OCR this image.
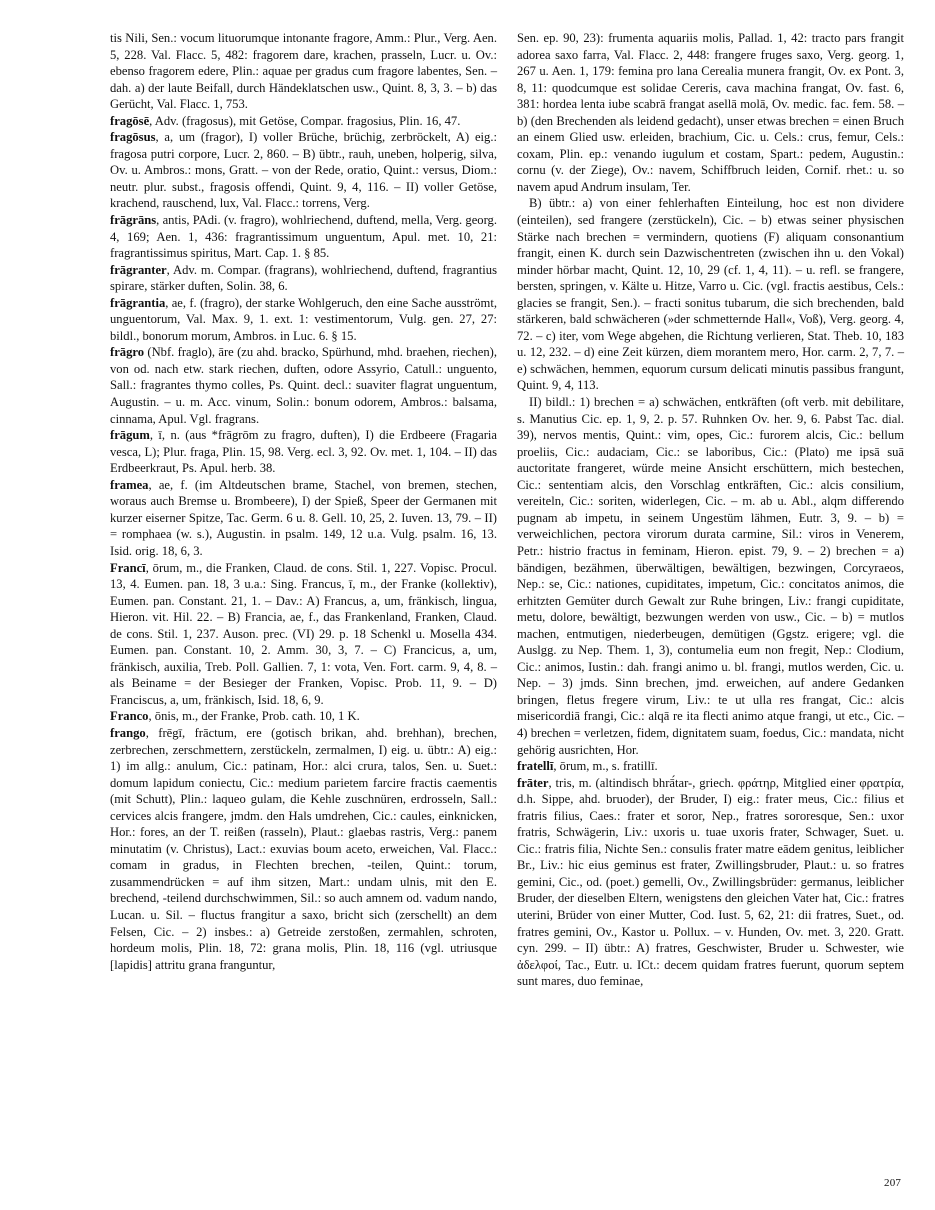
tis Nili, Sen.: vocum lituorumque intonante fragore, Amm.: Plur., Verg. Aen. 5, 228. Val. Flacc. 5, 482: fragorem dare, krachen, prasseln, Lucr. u. Ov.: ebenso fragorem edere, Plin.: aquae per gradus cum fragore labentes, Sen. – dah. a) der laute Beifall, durch Händeklatschen usw., Quint. 8, 3, 3. – b) das Gerücht, Val. Flacc. 1, 753.

fragōsē, Adv. (fragosus), mit Getöse, Compar. fragosius, Plin. 16, 47.

fragōsus, a, um (fragor), I) voller Brüche, brüchig, zerbröckelt, A) eig.: fragosa putri corpore, Lucr. 2, 860. – B) übtr., rauh, uneben, holperig, silva, Ov. u. Ambros.: mons, Gratt. – von der Rede, oratio, Quint.: versus, Diom.: neutr. plur. subst., fragosis offendi, Quint. 9, 4, 116. – II) voller Getöse, krachend, rauschend, lux, Val. Flacc.: torrens, Verg.

frāgrāns, antis, PAdi. (v. fragro), wohlriechend, duftend, mella, Verg. georg. 4, 169; Aen. 1, 436: fragrantissimum unguentum, Apul. met. 10, 21: fragrantissimus spiritus, Mart. Cap. 1. § 85.

frāgranter, Adv. m. Compar. (fragrans), wohlriechend, duftend, fragrantius spirare, stärker duften, Solin. 38, 6.

frāgrantia, ae, f. (fragro), der starke Wohlgeruch, den eine Sache ausströmt, unguentorum, Val. Max. 9, 1. ext. 1: vestimentorum, Vulg. gen. 27, 27: bildl., bonorum morum, Ambros. in Luc. 6. § 15.

frāgro (Nbf. fraglo), āre (zu ahd. bracko, Spürhund, mhd. braehen, riechen), von od. nach etw. stark riechen, duften, odore Assyrio, Catull.: unguento, Sall.: fragrantes thymo colles, Ps. Quint. decl.: suaviter flagrat unguentum, Augustin. – u. m. Acc. vinum, Solin.: bonum odorem, Ambros.: balsama, cinnama, Apul. Vgl. fragrans.

frāgum, ī, n. (aus *frāgrōm zu fragro, duften), I) die Erdbeere (Fragaria vesca, L); Plur. fraga, Plin. 15, 98. Verg. ecl. 3, 92. Ov. met. 1, 104. – II) das Erdbeerkraut, Ps. Apul. herb. 38.

framea, ae, f. (im Altdeutschen brame, Stachel, von bremen, stechen, woraus auch Bremse u. Brombeere), I) der Spieß, Speer der Germanen mit kurzer eiserner Spitze, Tac. Germ. 6 u. 8. Gell. 10, 25, 2. Iuven. 13, 79. – II) = romphaea (w. s.), Augustin. in psalm. 149, 12 u.a. Vulg. psalm. 16, 13. Isid. orig. 18, 6, 3.

Francī, ōrum, m., die Franken, Claud. de cons. Stil. 1, 227. Vopisc. Procul. 13, 4. Eumen. pan. 18, 3 u.a.: Sing. Francus, ī, m., der Franke (kollektiv), Eumen. pan. Constant. 21, 1. – Dav.: A) Francus, a, um, fränkisch, lingua, Hieron. vit. Hil. 22. – B) Francia, ae, f., das Frankenland, Franken, Claud. de cons. Stil. 1, 237. Auson. prec. (VI) 29. p. 18 Schenkl u. Mosella 434. Eumen. pan. Constant. 10, 2. Amm. 30, 3, 7. – C) Francicus, a, um, fränkisch, auxilia, Treb. Poll. Gallien. 7, 1: vota, Ven. Fort. carm. 9, 4, 8. – als Beiname = der Besieger der Franken, Vopisc. Prob. 11, 9. – D) Franciscus, a, um, fränkisch, Isid. 18, 6, 9.

Franco, ōnis, m., der Franke, Prob. cath. 10, 1 K.

frango, frēgī, frāctum, ere (gotisch brikan, ahd. brehhan), brechen, zerbrechen, zerschmettern, zerstückeln, zermalmen, I) eig. u. übtr.: A) eig.: 1) im allg.: anulum, Cic.: patinam, Hor.: alci crura, talos, Sen. u. Suet.: domum lapidum coniectu, Cic.: medium parietem farcire fractis caementis (mit Schutt), Plin.: laqueo gulam, die Kehle zuschnüren, erdrosseln, Sall.: cervices alcis frangere, jmdm. den Hals umdrehen, Cic.: caules, einknicken, Hor.: fores, an der T. reißen (rasseln), Plaut.: glaebas rastris, Verg.: panem minutatim (v. Christus), Lact.: exuvias boum aceto, erweichen, Val. Flacc.: comam in gradus, in Flechten brechen, -teilen, Quint.: torum, zusammendrücken = auf ihm sitzen, Mart.: undam ulnis, mit den E. brechend, -teilend durchschwimmen, Sil.: so auch amnem od. vadum nando, Lucan. u. Sil. – fluctus frangitur a saxo, bricht sich (zerschellt) an dem Felsen, Cic. – 2) insbes.: a) Getreide zerstoßen, zermahlen, schroten, hordeum molis, Plin. 18, 72: grana molis, Plin. 18, 116 (vgl. utriusque [lapidis] attritu grana franguntur,

Sen. ep. 90, 23): frumenta aquariis molis, Pallad. 1, 42: tracto pars frangit adorea saxo farra, Val. Flacc. 2, 448: frangere fruges saxo, Verg. georg. 1, 267 u. Aen. 1, 179: femina pro lana Cerealia munera frangit, Ov. ex Pont. 3, 8, 11: quodcumque est solidae Cereris, cava machina frangat, Ov. fast. 6, 381: hordea lenta iube scabrā frangat asellā molā, Ov. medic. fac. fem. 58. – b) (den Brechenden als leidend gedacht), unser etwas brechen = einen Bruch an einem Glied usw. erleiden, brachium, Cic. u. Cels.: crus, femur, Cels.: coxam, Plin. ep.: venando iugulum et costam, Spart.: pedem, Augustin.: cornu (v. der Ziege), Ov.: navem, Schiffbruch leiden, Cornif. rhet.: u. so navem apud Andrum insulam, Ter.

B) übtr.: a) von einer fehlerhaften Einteilung, hoc est non dividere (einteilen), sed frangere (zerstückeln), Cic. – b) etwas seiner physischen Stärke nach brechen = vermindern, quotiens (F) aliquam consonantium frangit, einen K. durch sein Dazwischentreten (zwischen ihn u. den Vokal) minder hörbar macht, Quint. 12, 10, 29 (cf. 1, 4, 11). – u. refl. se frangere, bersten, springen, v. Kälte u. Hitze, Varro u. Cic. (vgl. fractis aestibus, Cels.: glacies se frangit, Sen.). – fracti sonitus tubarum, die sich brechenden, bald stärkeren, bald schwächeren (»der schmetternde Hall«, Voß), Verg. georg. 4, 72. – c) iter, vom Wege abgehen, die Richtung verlieren, Stat. Theb. 10, 183 u. 12, 232. – d) eine Zeit kürzen, diem morantem mero, Hor. carm. 2, 7, 7. – e) schwächen, hemmen, equorum cursum delicati minutis passibus frangunt, Quint. 9, 4, 113.

II) bildl.: 1) brechen = a) schwächen, entkräften (oft verb. mit debilitare, s. Manutius Cic. ep. 1, 9, 2. p. 57. Ruhnken Ov. her. 9, 6. Pabst Tac. dial. 39), nervos mentis, Quint.: vim, opes, Cic.: furorem alcis, Cic.: bellum proeliis, Cic.: audaciam, Cic.: se laboribus, Cic.: (Plato) me ipsā suā auctoritate frangeret, würde meine Ansicht erschüttern, mich bestechen, Cic.: sententiam alcis, den Vorschlag entkräften, Cic.: alcis consilium, vereiteln, Cic.: soriten, widerlegen, Cic. – m. ab u. Abl., alqm differendo pugnam ab impetu, in seinem Ungestüm lähmen, Eutr. 3, 9. – b) = verweichlichen, pectora virorum durata carmine, Sil.: viros in Venerem, Petr.: histrio fractus in feminam, Hieron. epist. 79, 9. – 2) brechen = a) bändigen, bezähmen, überwältigen, bewältigen, bezwingen, Corcyraeos, Nep.: se, Cic.: nationes, cupiditates, impetum, Cic.: concitatos animos, die erhitzten Gemüter durch Gewalt zur Ruhe bringen, Liv.: frangi cupiditate, metu, dolore, bewältigt, bezwungen werden von usw., Cic. – b) = mutlos machen, entmutigen, niederbeugen, demütigen (Ggstz. erigere; vgl. die Auslgg. zu Nep. Them. 1, 3), contumelia eum non fregit, Nep.: Clodium, Cic.: animos, Iustin.: dah. frangi animo u. bl. frangi, mutlos werden, Cic. u. Nep. – 3) jmds. Sinn brechen, jmd. erweichen, auf andere Gedanken bringen, fletus fregere virum, Liv.: te ut ulla res frangat, Cic.: alcis misericordiā frangi, Cic.: alqā re ita flecti animo atque frangi, ut etc., Cic. – 4) brechen = verletzen, fidem, dignitatem suam, foedus, Cic.: mandata, nicht gehörig ausrichten, Hor.

fratellī, ōrum, m., s. fratillī.

frāter, tris, m. (altindisch bhrā́tar-, griech. φράτηρ, Mitglied einer φρατρία, d.h. Sippe, ahd. bruoder), der Bruder, I) eig.: frater meus, Cic.: filius et fratris filius, Caes.: frater et soror, Nep., fratres sororesque, Sen.: uxor fratris, Schwägerin, Liv.: uxoris u. tuae uxoris frater, Schwager, Suet. u. Cic.: fratris filia, Nichte Sen.: consulis frater matre eādem genitus, leiblicher Br., Liv.: hic eius geminus est frater, Zwillingsbruder, Plaut.: u. so fratres gemini, Cic., od. (poet.) gemelli, Ov., Zwillingsbrüder: germanus, leiblicher Bruder, der dieselben Eltern, wenigstens den gleichen Vater hat, Cic.: fratres uterini, Brüder von einer Mutter, Cod. Iust. 5, 62, 21: dii fratres, Suet., od. fratres gemini, Ov., Kastor u. Pollux. – v. Hunden, Ov. met. 3, 220. Gratt. cyn. 299. – II) übtr.: A) fratres, Geschwister, Bruder u. Schwester, wie ἀδελφοί, Tac., Eutr. u. ICt.: decem quidam fratres fuerunt, quorum septem sunt mares, duo feminae,

207
